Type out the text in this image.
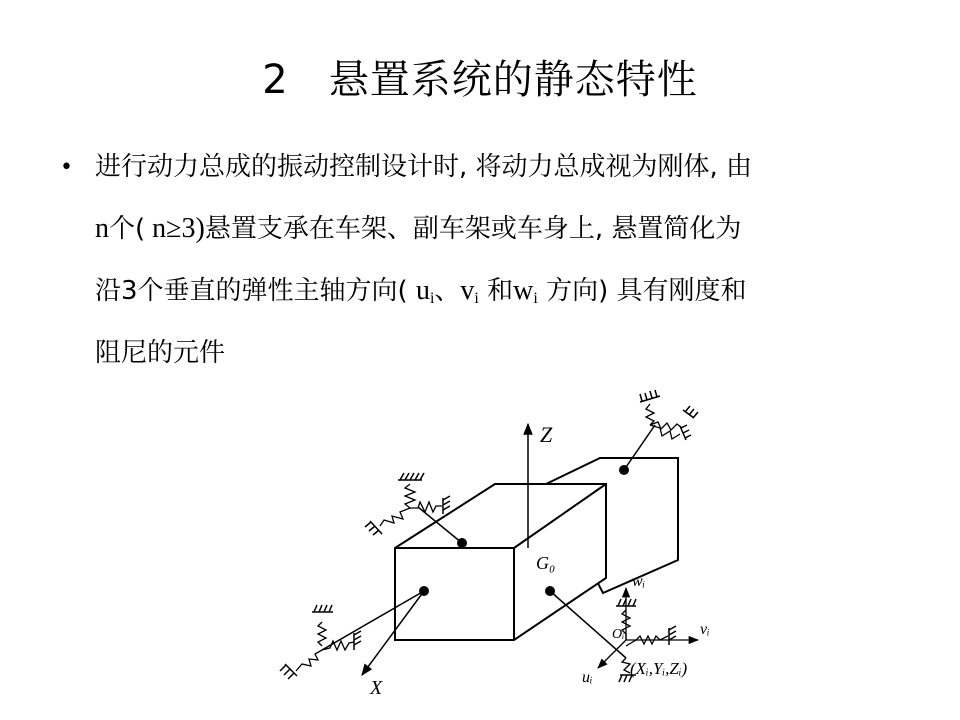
2 悬置系统的静态特性
• 进行动力总成的振动控制设计时, 将动力总成视为刚体, 由
n个( n≥3)悬置支承在车架、副车架或车身上, 悬置简化为
沿3个垂直的弹性主轴方向( ui、vi 和wi 方向) 具有刚度和
阻尼的元件
Z
X
G₀
wᵢ
vᵢ
uᵢ
Oᵢ
(Xᵢ,Yᵢ,Zᵢ)
